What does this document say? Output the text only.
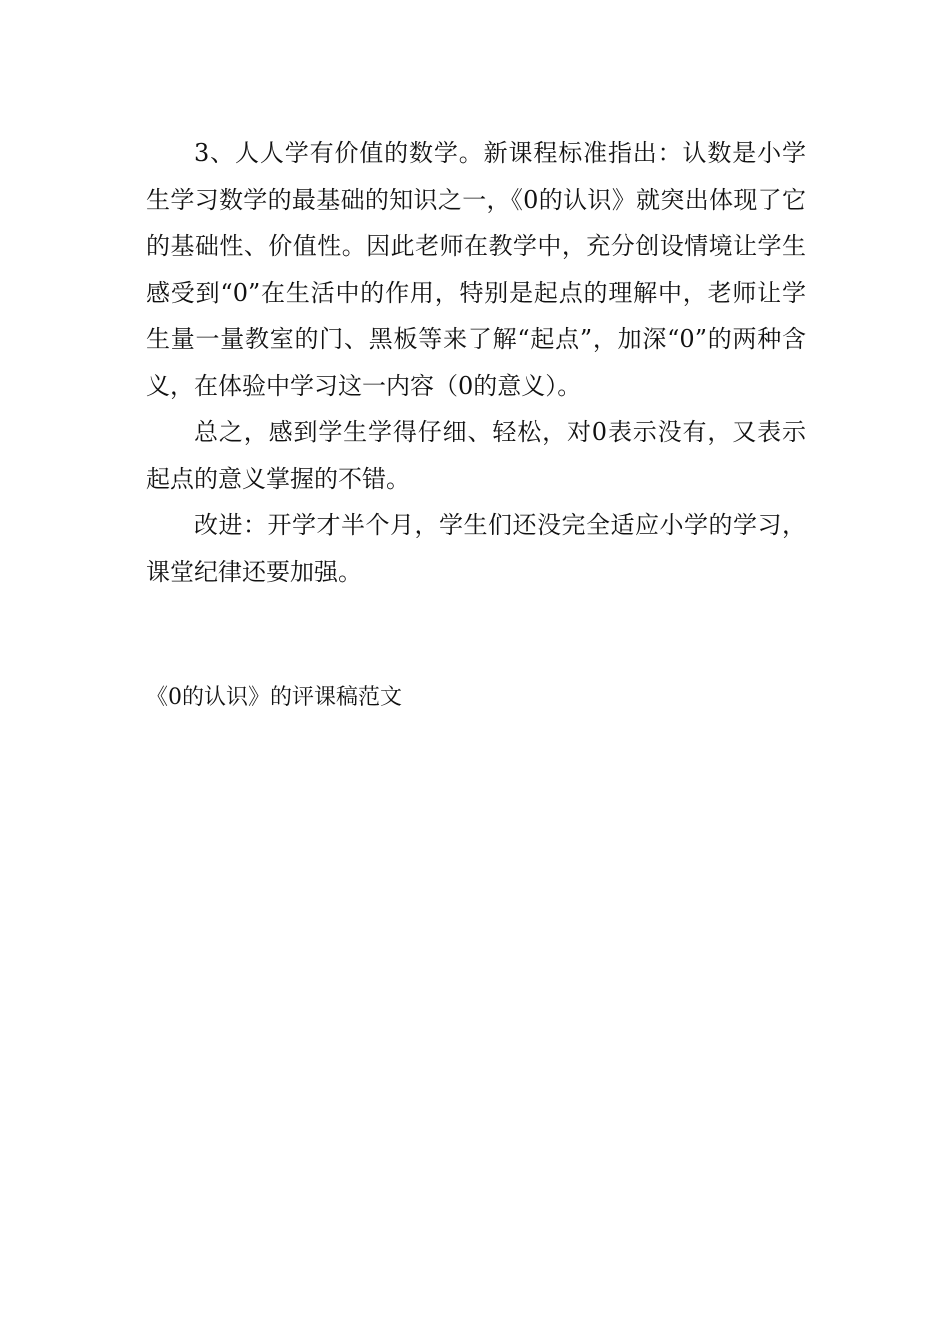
3、人人学有价值的数学。新课程标准指出：认数是小学生学习数学的最基础的知识之一，《0的认识》就突出体现了它的基础性、价值性。因此老师在教学中，充分创设情境让学生感受到“0”在生活中的作用，特别是起点的理解中，老师让学生量一量教室的门、黑板等来了解“起点”，加深“0”的两种含义，在体验中学习这一内容（0的意义）。

总之，感到学生学得仔细、轻松，对0表示没有，又表示起点的意义掌握的不错。

改进：开学才半个月，学生们还没完全适应小学的学习，课堂纪律还要加强。

《0的认识》的评课稿范文
